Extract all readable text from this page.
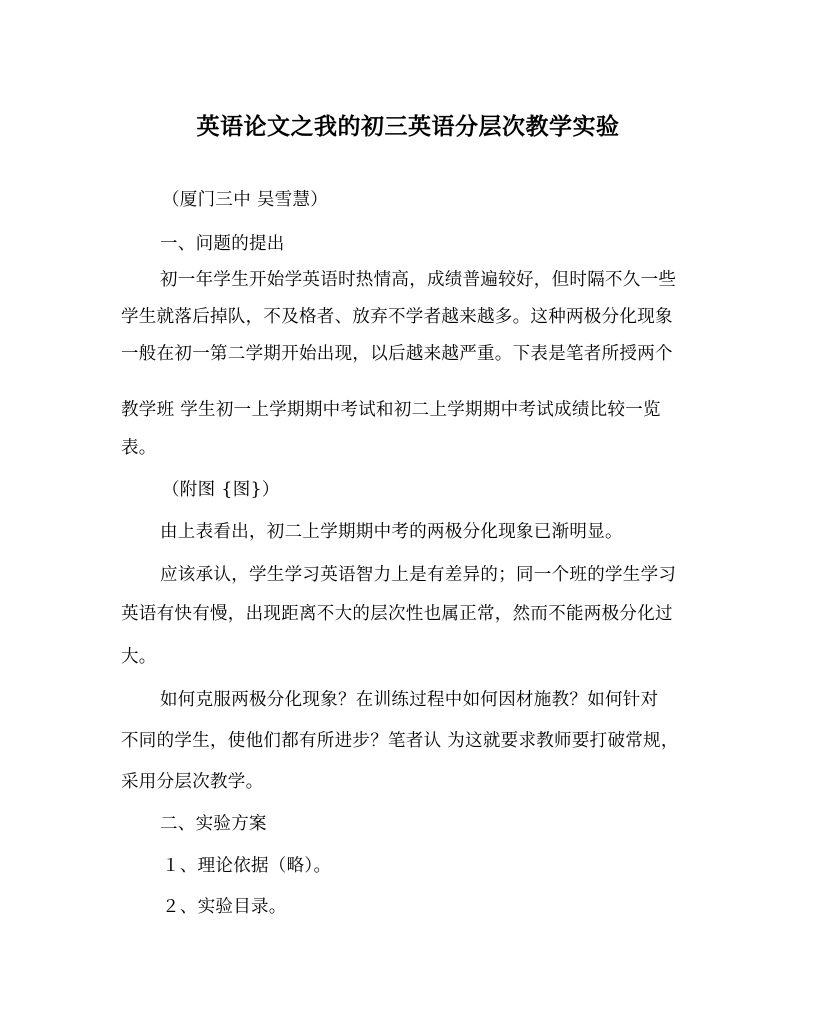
英语论文之我的初三英语分层次教学实验
（厦门三中 吴雪慧）
一、问题的提出
初一年学生开始学英语时热情高，成绩普遍较好，但时隔不久一些
学生就落后掉队，不及格者、放弃不学者越来越多。这种两极分化现象
一般在初一第二学期开始出现，以后越来越严重。下表是笔者所授两个
教学班 学生初一上学期期中考试和初二上学期期中考试成绩比较一览
表。
（附图 {图}）
由上表看出，初二上学期期中考的两极分化现象已渐明显。
应该承认，学生学习英语智力上是有差异的；同一个班的学生学习
英语有快有慢，出现距离不大的层次性也属正常，然而不能两极分化过
大。
如何克服两极分化现象？在训练过程中如何因材施教？如何针对
不同的学生，使他们都有所进步？笔者认 为这就要求教师要打破常规，
采用分层次教学。
二、实验方案
１、理论依据（略）。
２、实验目录。
